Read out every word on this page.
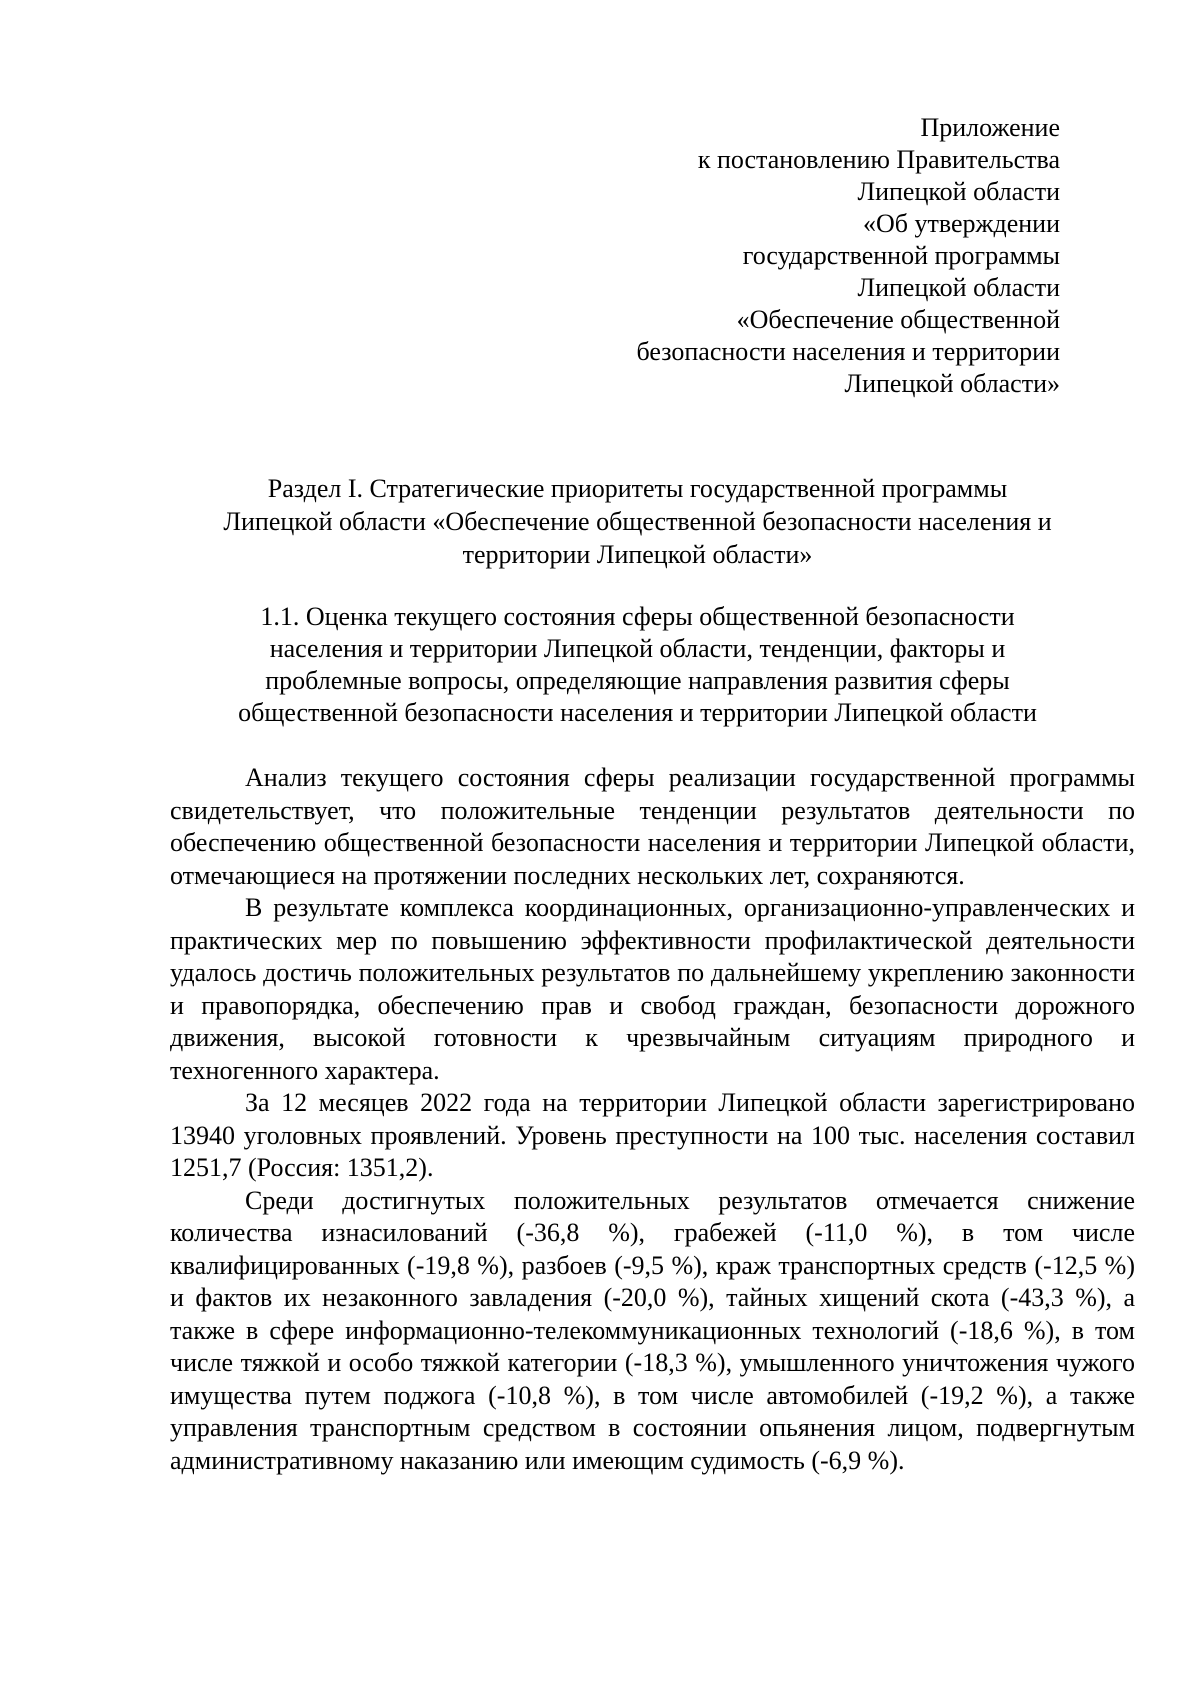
Приложение
к постановлению Правительства
Липецкой области
«Об утверждении
государственной программы
Липецкой области
«Обеспечение общественной
безопасности населения и территории
Липецкой области»
Раздел I. Стратегические приоритеты государственной программы
Липецкой области «Обеспечение общественной безопасности населения и
территории Липецкой области»
1.1. Оценка текущего состояния сферы общественной безопасности
населения и территории Липецкой области, тенденции, факторы и
проблемные вопросы, определяющие направления развития сферы
общественной безопасности населения и территории Липецкой области

Анализ текущего состояния сферы реализации государственной программы свидетельствует, что положительные тенденции результатов деятельности по обеспечению общественной безопасности населения и территории Липецкой области, отмечающиеся на протяжении последних нескольких лет, сохраняются.

В результате комплекса координационных, организационно-управленческих и практических мер по повышению эффективности профилактической деятельности удалось достичь положительных результатов по дальнейшему укреплению законности и правопорядка, обеспечению прав и свобод граждан, безопасности дорожного движения, высокой готовности к чрезвычайным ситуациям природного и техногенного характера.

За 12 месяцев 2022 года на территории Липецкой области зарегистрировано 13940 уголовных проявлений. Уровень преступности на 100 тыс. населения составил 1251,7 (Россия: 1351,2).

Среди достигнутых положительных результатов отмечается снижение количества изнасилований (-36,8 %), грабежей (-11,0 %), в том числе квалифицированных (-19,8 %), разбоев (-9,5 %), краж транспортных средств (-12,5 %) и фактов их незаконного завладения (-20,0 %), тайных хищений скота (-43,3 %), а также в сфере информационно-телекоммуникационных технологий (-18,6 %), в том числе тяжкой и особо тяжкой категории (-18,3 %), умышленного уничтожения чужого имущества путем поджога (-10,8 %), в том числе автомобилей (-19,2 %), а также управления транспортным средством в состоянии опьянения лицом, подвергнутым административному наказанию или имеющим судимость (-6,9 %).
